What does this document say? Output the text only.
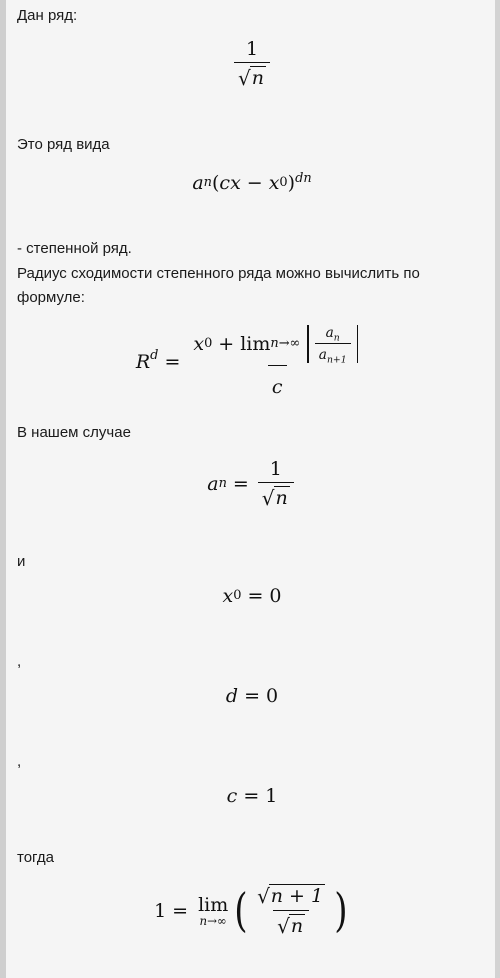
Дан ряд:
$\frac{1}{√ n}$
Это ряд вида
a n ( c x − x 0 )$^{dn}$
- степенной ряд.
Радиус сходимости степенного ряда можно вычислить по
формуле:
$R^d$ =
x $0 + \lim n\to\infty \frac{a_n}{a_{n+1}}$
c
В нашем случае
a $n = \frac{1}{√ n}$
и
x 0 = 0
,
d = 0
,
c = 1
тогда
1 = lim
n→∞ ( $\frac{√ n + 1}{√ n}$ )
